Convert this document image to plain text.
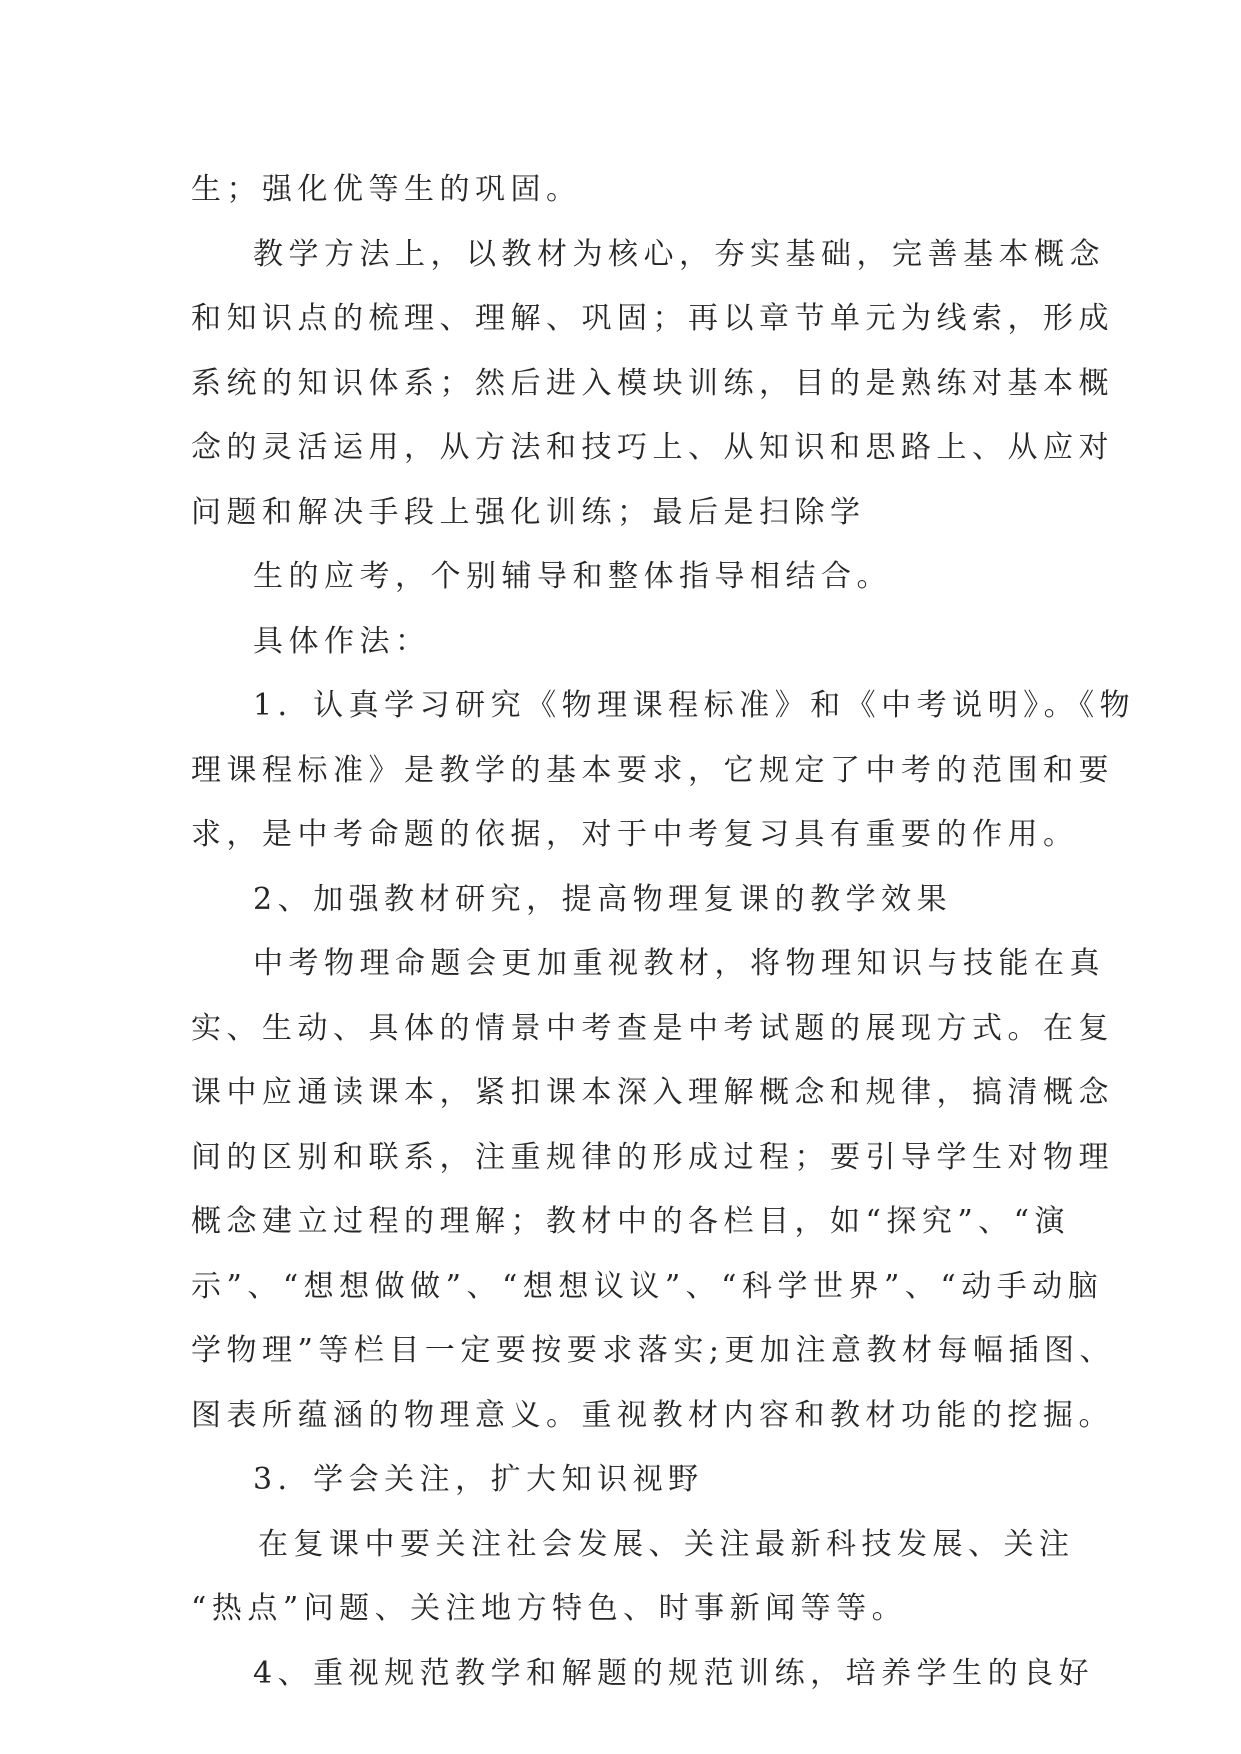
生；强化优等生的巩固。
教学方法上，以教材为核心，夯实基础，完善基本概念
和知识点的梳理、理解、巩固；再以章节单元为线索，形成
系统的知识体系；然后进入模块训练，目的是熟练对基本概
念的灵活运用，从方法和技巧上、从知识和思路上、从应对
问题和解决手段上强化训练；最后是扫除学
生的应考，个别辅导和整体指导相结合。
具体作法：
1．认真学习研究《物理课程标准》和《中考说明》。《物
理课程标准》是教学的基本要求，它规定了中考的范围和要
求，是中考命题的依据，对于中考复习具有重要的作用。
2、加强教材研究，提高物理复课的教学效果
中考物理命题会更加重视教材，将物理知识与技能在真
实、生动、具体的情景中考查是中考试题的展现方式。在复
课中应通读课本，紧扣课本深入理解概念和规律，搞清概念
间的区别和联系，注重规律的形成过程；要引导学生对物理
概念建立过程的理解；教材中的各栏目，如“探究”、“演
示”、“想想做做”、“想想议议”、“科学世界”、“动手动脑
学物理”等栏目一定要按要求落实;更加注意教材每幅插图、
图表所蕴涵的物理意义。重视教材内容和教材功能的挖掘。
3．学会关注，扩大知识视野
在复课中要关注社会发展、关注最新科技发展、关注
“热点”问题、关注地方特色、时事新闻等等。
4、重视规范教学和解题的规范训练，培养学生的良好
